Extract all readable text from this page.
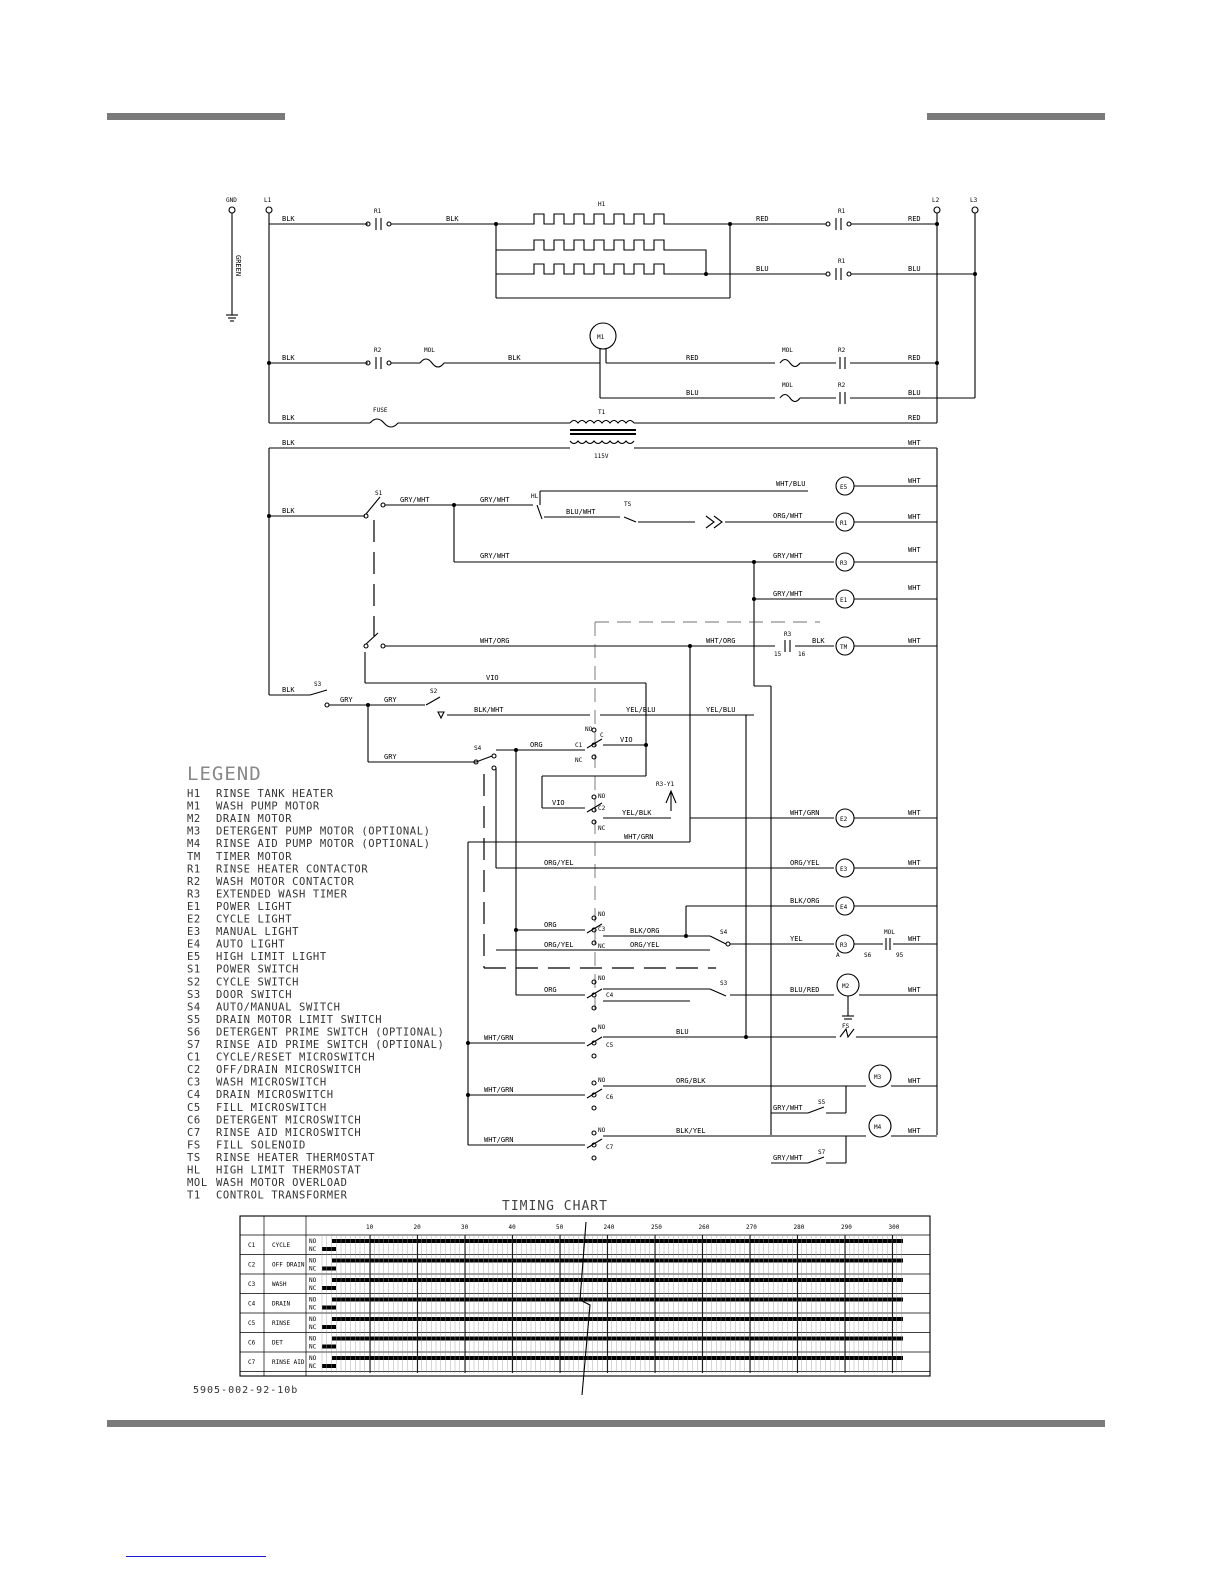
GND	L1	L2	L3
GREEN
BLK
R1
BLK
H1
RED
BLU
R1
R1
RED
BLU
BLK
R2	MOL
BLK
M1
RED
BLU
MOL
MOL
R2
R2
RED
BLU
BLK
FUSE	T1
115V
RED
BLK	WHT
BLK
S1
GRY/WHT	GRY/WHT
GRY/WHT	GRY/WHT
HL
WHT/BLU
BLU/WHT
TS
ORG/WHT
E5
R1
R3
E1
TM
WHT
WHT
WHT
WHT
WHT
GRY/WHT
WHT/ORG	WHT/ORG
R3
BLK
15	16
BLK
S3
GRY	GRY
GRY
S2
BLK/WHT
VIO
YEL/BLU	YEL/BLU
NO
C
C1
NC
VIO
S4	ORG
VIO
R3-Y1
NO
C2
NC
YEL/BLK
WHT/GRN
WHT/GRN
E2
WHT
ORG/YEL	ORG/YEL
E3
WHT
ORG
NO
C3
NC
BLK/ORG
ORG/YEL	ORG/YEL
BLK/ORG
E4
S4
YEL
R3
A	S6
MOL
WHT
95
ORG
NO
C4
S3
BLU/RED	M2	WHT
WHT/GRN
NO
C5
BLU
FS
WHT/GRN
NO
C6
ORG/BLK	M3	WHT
GRY/WHT
S5
WHT/GRN
NO
C7
BLK/YEL	M4	WHT
GRY/WHT
S7
LEGEND
H1 RINSE TANK HEATER
M1 WASH PUMP MOTOR
M2 DRAIN MOTOR
M3 DETERGENT PUMP MOTOR (OPTIONAL)
M4 RINSE AID PUMP MOTOR (OPTIONAL)
TM TIMER MOTOR
R1 RINSE HEATER CONTACTOR
R2 WASH MOTOR CONTACTOR
R3 EXTENDED WASH TIMER
E1 POWER LIGHT
E2 CYCLE LIGHT
E3 MANUAL LIGHT
E4 AUTO LIGHT
E5 HIGH LIMIT LIGHT
S1 POWER SWITCH
S2 CYCLE SWITCH
S3 DOOR SWITCH
S4 AUTO/MANUAL SWITCH
S5 DRAIN MOTOR LIMIT SWITCH
S6 DETERGENT PRIME SWITCH (OPTIONAL)
S7 RINSE AID PRIME SWITCH (OPTIONAL)
C1 CYCLE/RESET MICROSWITCH
C2 OFF/DRAIN MICROSWITCH
C3 WASH MICROSWITCH
C4 DRAIN MICROSWITCH
C5 FILL MICROSWITCH
C6 DETERGENT MICROSWITCH
C7 RINSE AID MICROSWITCH
FS FILL SOLENOID
TS RINSE HEATER THERMOSTAT
HL HIGH LIMIT THERMOSTAT
MOL WASH MOTOR OVERLOAD
T1 CONTROL TRANSFORMER
TIMING CHART
C1	CYCLE
NO
NC
C2	OFF DRAIN
NO
NC
C3	WASH
NO
NC
C4	DRAIN
NO
NC
C5	RINSE
NO
NC
C6	DET
NO
NC
C7	RINSE AID
NO
NC
10	20	30	40	50	240	250	260	270	280	290	300
5905-002-92-10b
